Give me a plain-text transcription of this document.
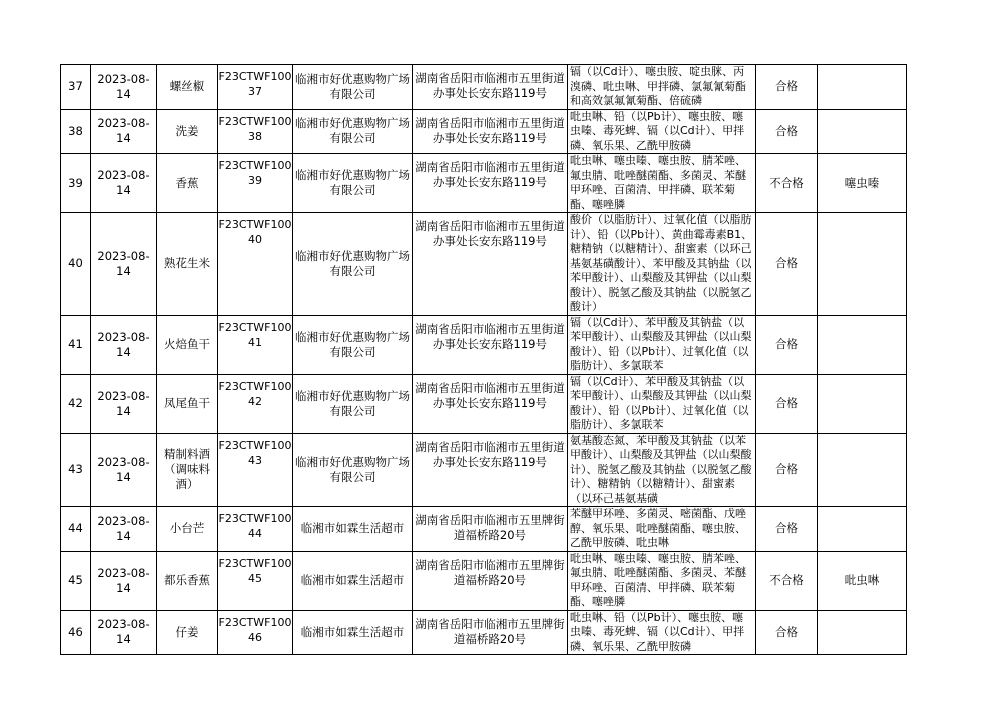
37	2023-08-14	螺丝椒	F23CTWF10037	临湘市好优惠购物广场有限公司	湖南省岳阳市临湘市五里街道办事处长安东路119号	镉（以Cd计）、噻虫胺、啶虫脒、丙溴磷、吡虫啉、甲拌磷、氯氟氰菊酯和高效氯氟氰菊酯、倍硫磷	合格	
38	2023-08-14	洗姜	F23CTWF10038	临湘市好优惠购物广场有限公司	湖南省岳阳市临湘市五里街道办事处长安东路119号	吡虫啉、铅（以Pb计）、噻虫胺、噻虫嗪、毒死蜱、镉（以Cd计）、甲拌磷、氧乐果、乙酰甲胺磷	合格	
39	2023-08-14	香蕉	F23CTWF10039	临湘市好优惠购物广场有限公司	湖南省岳阳市临湘市五里街道办事处长安东路119号	吡虫啉、噻虫嗪、噻虫胺、腈苯唑、氟虫腈、吡唑醚菌酯、多菌灵、苯醚甲环唑、百菌清、甲拌磷、联苯菊酯、噻唑膦	不合格	噻虫嗪
40	2023-08-14	熟花生米	F23CTWF10040	临湘市好优惠购物广场有限公司	湖南省岳阳市临湘市五里街道办事处长安东路119号	酸价（以脂肪计）、过氧化值（以脂肪计）、铅（以Pb计）、黄曲霉毒素B1、糖精钠（以糖精计）、甜蜜素（以环己基氨基磺酸计）、苯甲酸及其钠盐（以苯甲酸计）、山梨酸及其钾盐（以山梨酸计）、脱氢乙酸及其钠盐（以脱氢乙酸计）	合格	
41	2023-08-14	火焙鱼干	F23CTWF10041	临湘市好优惠购物广场有限公司	湖南省岳阳市临湘市五里街道办事处长安东路119号	镉（以Cd计）、苯甲酸及其钠盐（以苯甲酸计）、山梨酸及其钾盐（以山梨酸计）、铅（以Pb计）、过氧化值（以脂肪计）、多氯联苯	合格	
42	2023-08-14	凤尾鱼干	F23CTWF10042	临湘市好优惠购物广场有限公司	湖南省岳阳市临湘市五里街道办事处长安东路119号	镉（以Cd计）、苯甲酸及其钠盐（以苯甲酸计）、山梨酸及其钾盐（以山梨酸计）、铅（以Pb计）、过氧化值（以脂肪计）、多氯联苯	合格	
43	2023-08-14	精制料酒（调味料酒）	F23CTWF10043	临湘市好优惠购物广场有限公司	湖南省岳阳市临湘市五里街道办事处长安东路119号	氨基酸态氮、苯甲酸及其钠盐（以苯甲酸计）、山梨酸及其钾盐（以山梨酸计）、脱氢乙酸及其钠盐（以脱氢乙酸计）、糖精钠（以糖精计）、甜蜜素（以环己基氨基磺	合格	
44	2023-08-14	小台芒	F23CTWF10044	临湘市如霖生活超市	湖南省岳阳市临湘市五里牌街道福桥路20号	苯醚甲环唑、多菌灵、嘧菌酯、戊唑醇、氧乐果、吡唑醚菌酯、噻虫胺、乙酰甲胺磷、吡虫啉	合格	
45	2023-08-14	都乐香蕉	F23CTWF10045	临湘市如霖生活超市	湖南省岳阳市临湘市五里牌街道福桥路20号	吡虫啉、噻虫嗪、噻虫胺、腈苯唑、氟虫腈、吡唑醚菌酯、多菌灵、苯醚甲环唑、百菌清、甲拌磷、联苯菊酯、噻唑膦	不合格	吡虫啉
46	2023-08-14	仔姜	F23CTWF10046	临湘市如霖生活超市	湖南省岳阳市临湘市五里牌街道福桥路20号	吡虫啉、铅（以Pb计）、噻虫胺、噻虫嗪、毒死蜱、镉（以Cd计）、甲拌磷、氧乐果、乙酰甲胺磷	合格	
